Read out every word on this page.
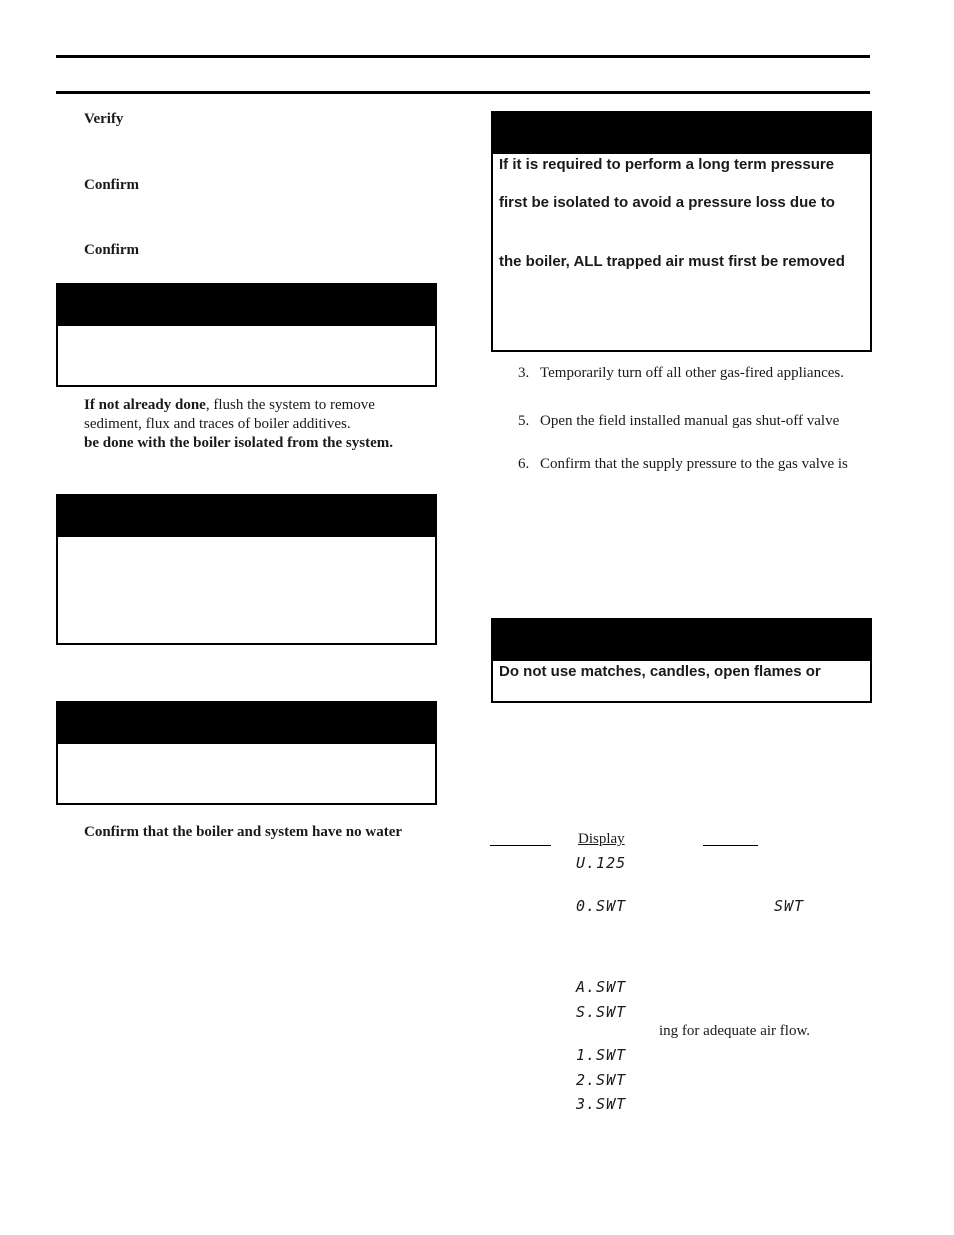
Verify
Confirm
Confirm
If not already done, flush the system to remove
sediment, flux and traces of boiler additives.
be done with the boiler isolated from the system.
Confirm that the boiler and system have no water
If it is required to perform a long term pressure
first be isolated to avoid a pressure loss due to
the boiler, ALL trapped air must first be removed
3. Temporarily turn off all other gas-fired appliances.
5. Open the field installed manual gas shut-off valve
6. Confirm that the supply pressure to the gas valve is
Do not use matches, candles, open flames or
Display
U.125
0.SWT	SWT
A.SWT
S.SWT
ing for adequate air flow.
1.SWT
2.SWT
3.SWT
